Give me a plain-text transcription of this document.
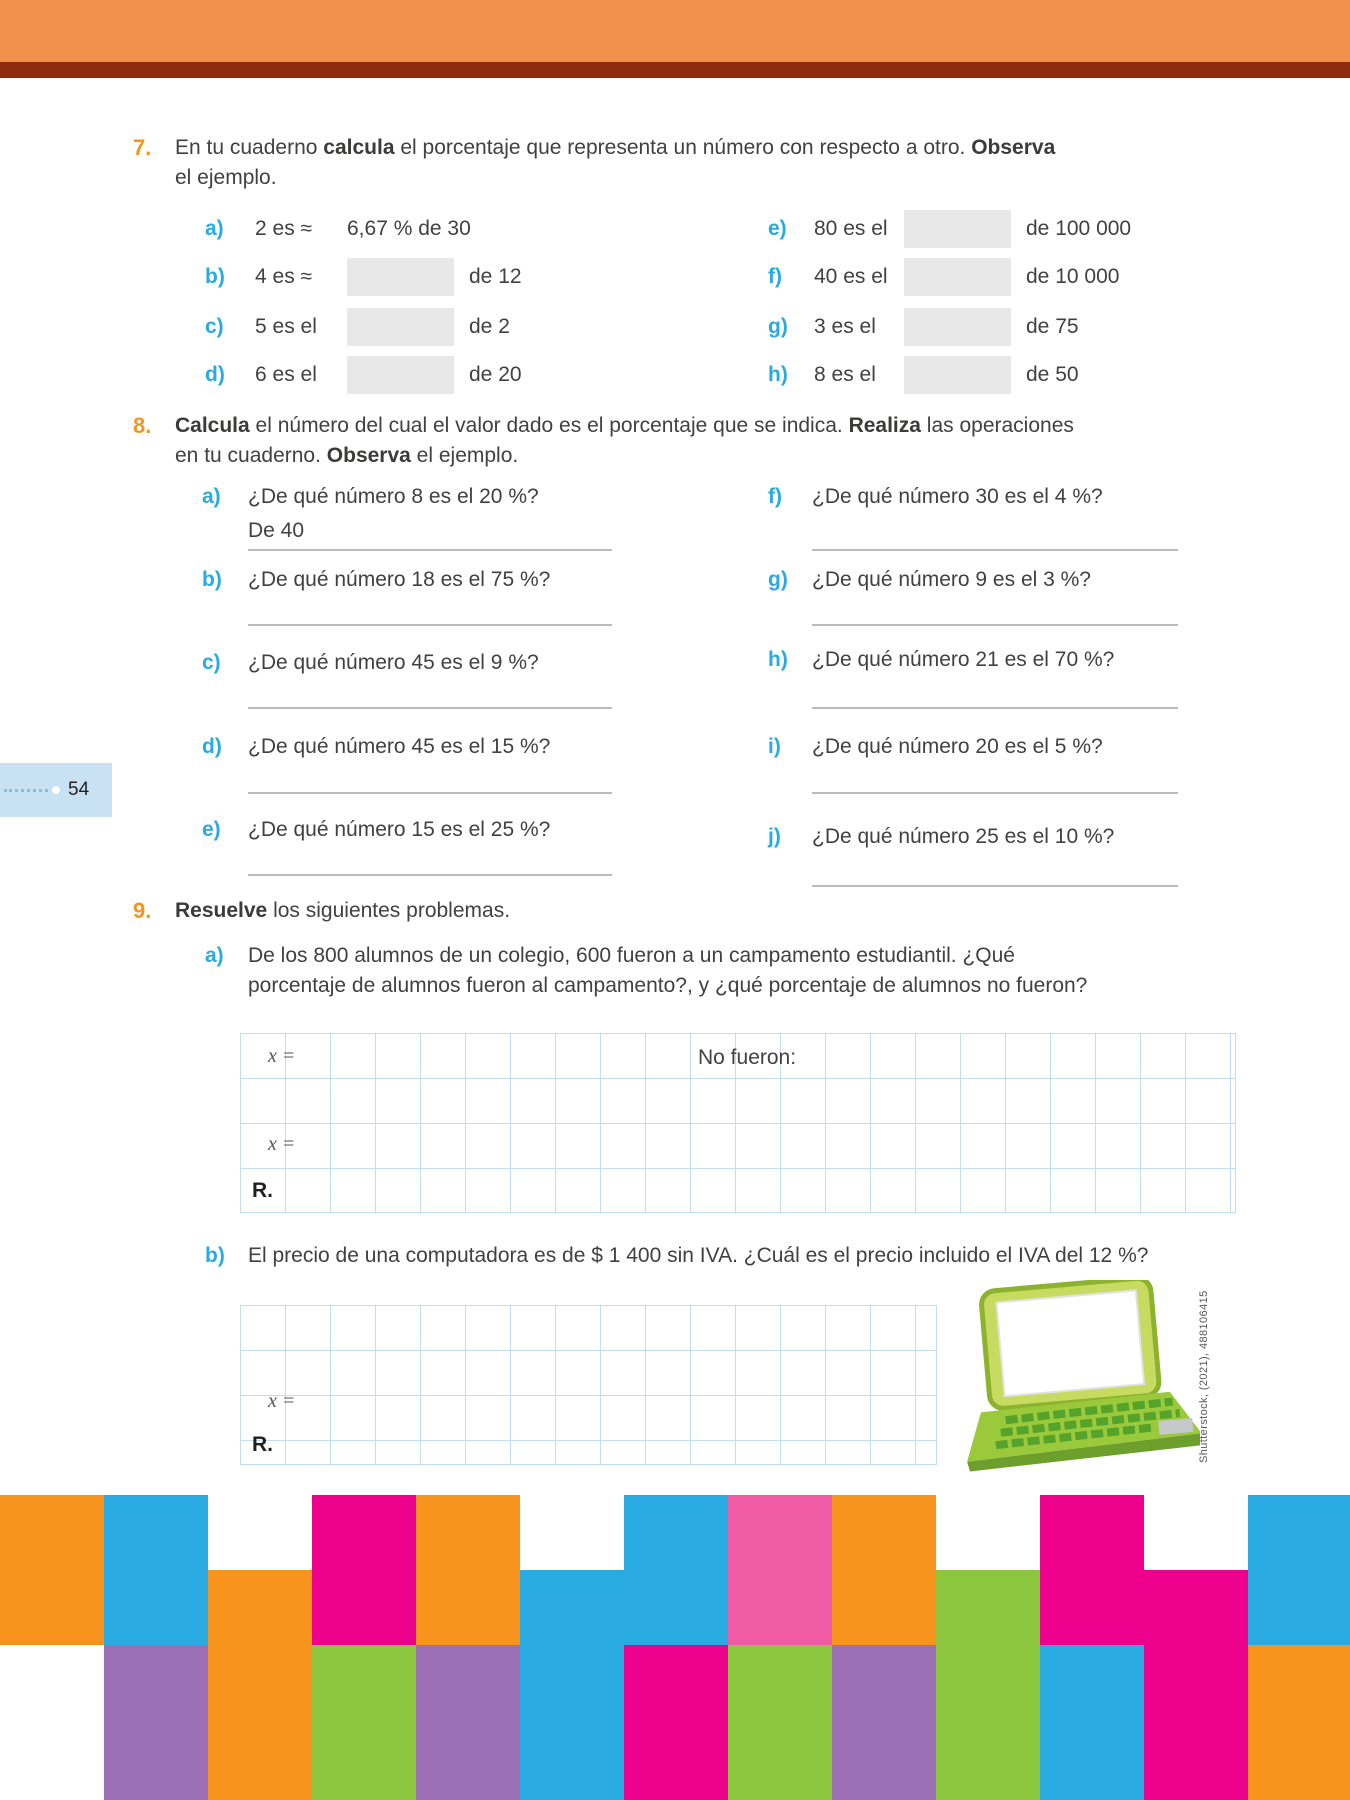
7. En tu cuaderno calcula el porcentaje que representa un número con respecto a otro. Observa el ejemplo.
a)	2 es ≈	6,67 % de 30
b)	4 es ≈	de 12
c)	5 es el	de 2
d)	6 es el	de 20
e)	80 es el	de 100 000
f)	40 es el	de 10 000
g)	3 es el	de 75
h)	8 es el	de 50
8. Calcula el número del cual el valor dado es el porcentaje que se indica. Realiza las operaciones en tu cuaderno. Observa el ejemplo.
a)	¿De qué número 8 es el 20 %?
De 40
b)	¿De qué número 18 es el 75 %?
c)	¿De qué número 45 es el 9 %?
d)	¿De qué número 45 es el 15 %?
e)	¿De qué número 15 es el 25 %?
f)	¿De qué número 30 es el 4 %?
g)	¿De qué número 9 es el 3 %?
h)	¿De qué número 21 es el 70 %?
i)	¿De qué número 20 es el 5 %?
j)	¿De qué número 25 es el 10 %?
54
9. Resuelve los siguientes problemas.
a) De los 800 alumnos de un colegio, 600 fueron a un campamento estudiantil. ¿Qué porcentaje de alumnos fueron al campamento?, y ¿qué porcentaje de alumnos no fueron?
x =	No fueron:
x =
R.
b) El precio de una computadora es de $ 1 400 sin IVA. ¿Cuál es el precio incluido el IVA del 12 %?
x =
R.	Shutterstock, (2021), 488106415
